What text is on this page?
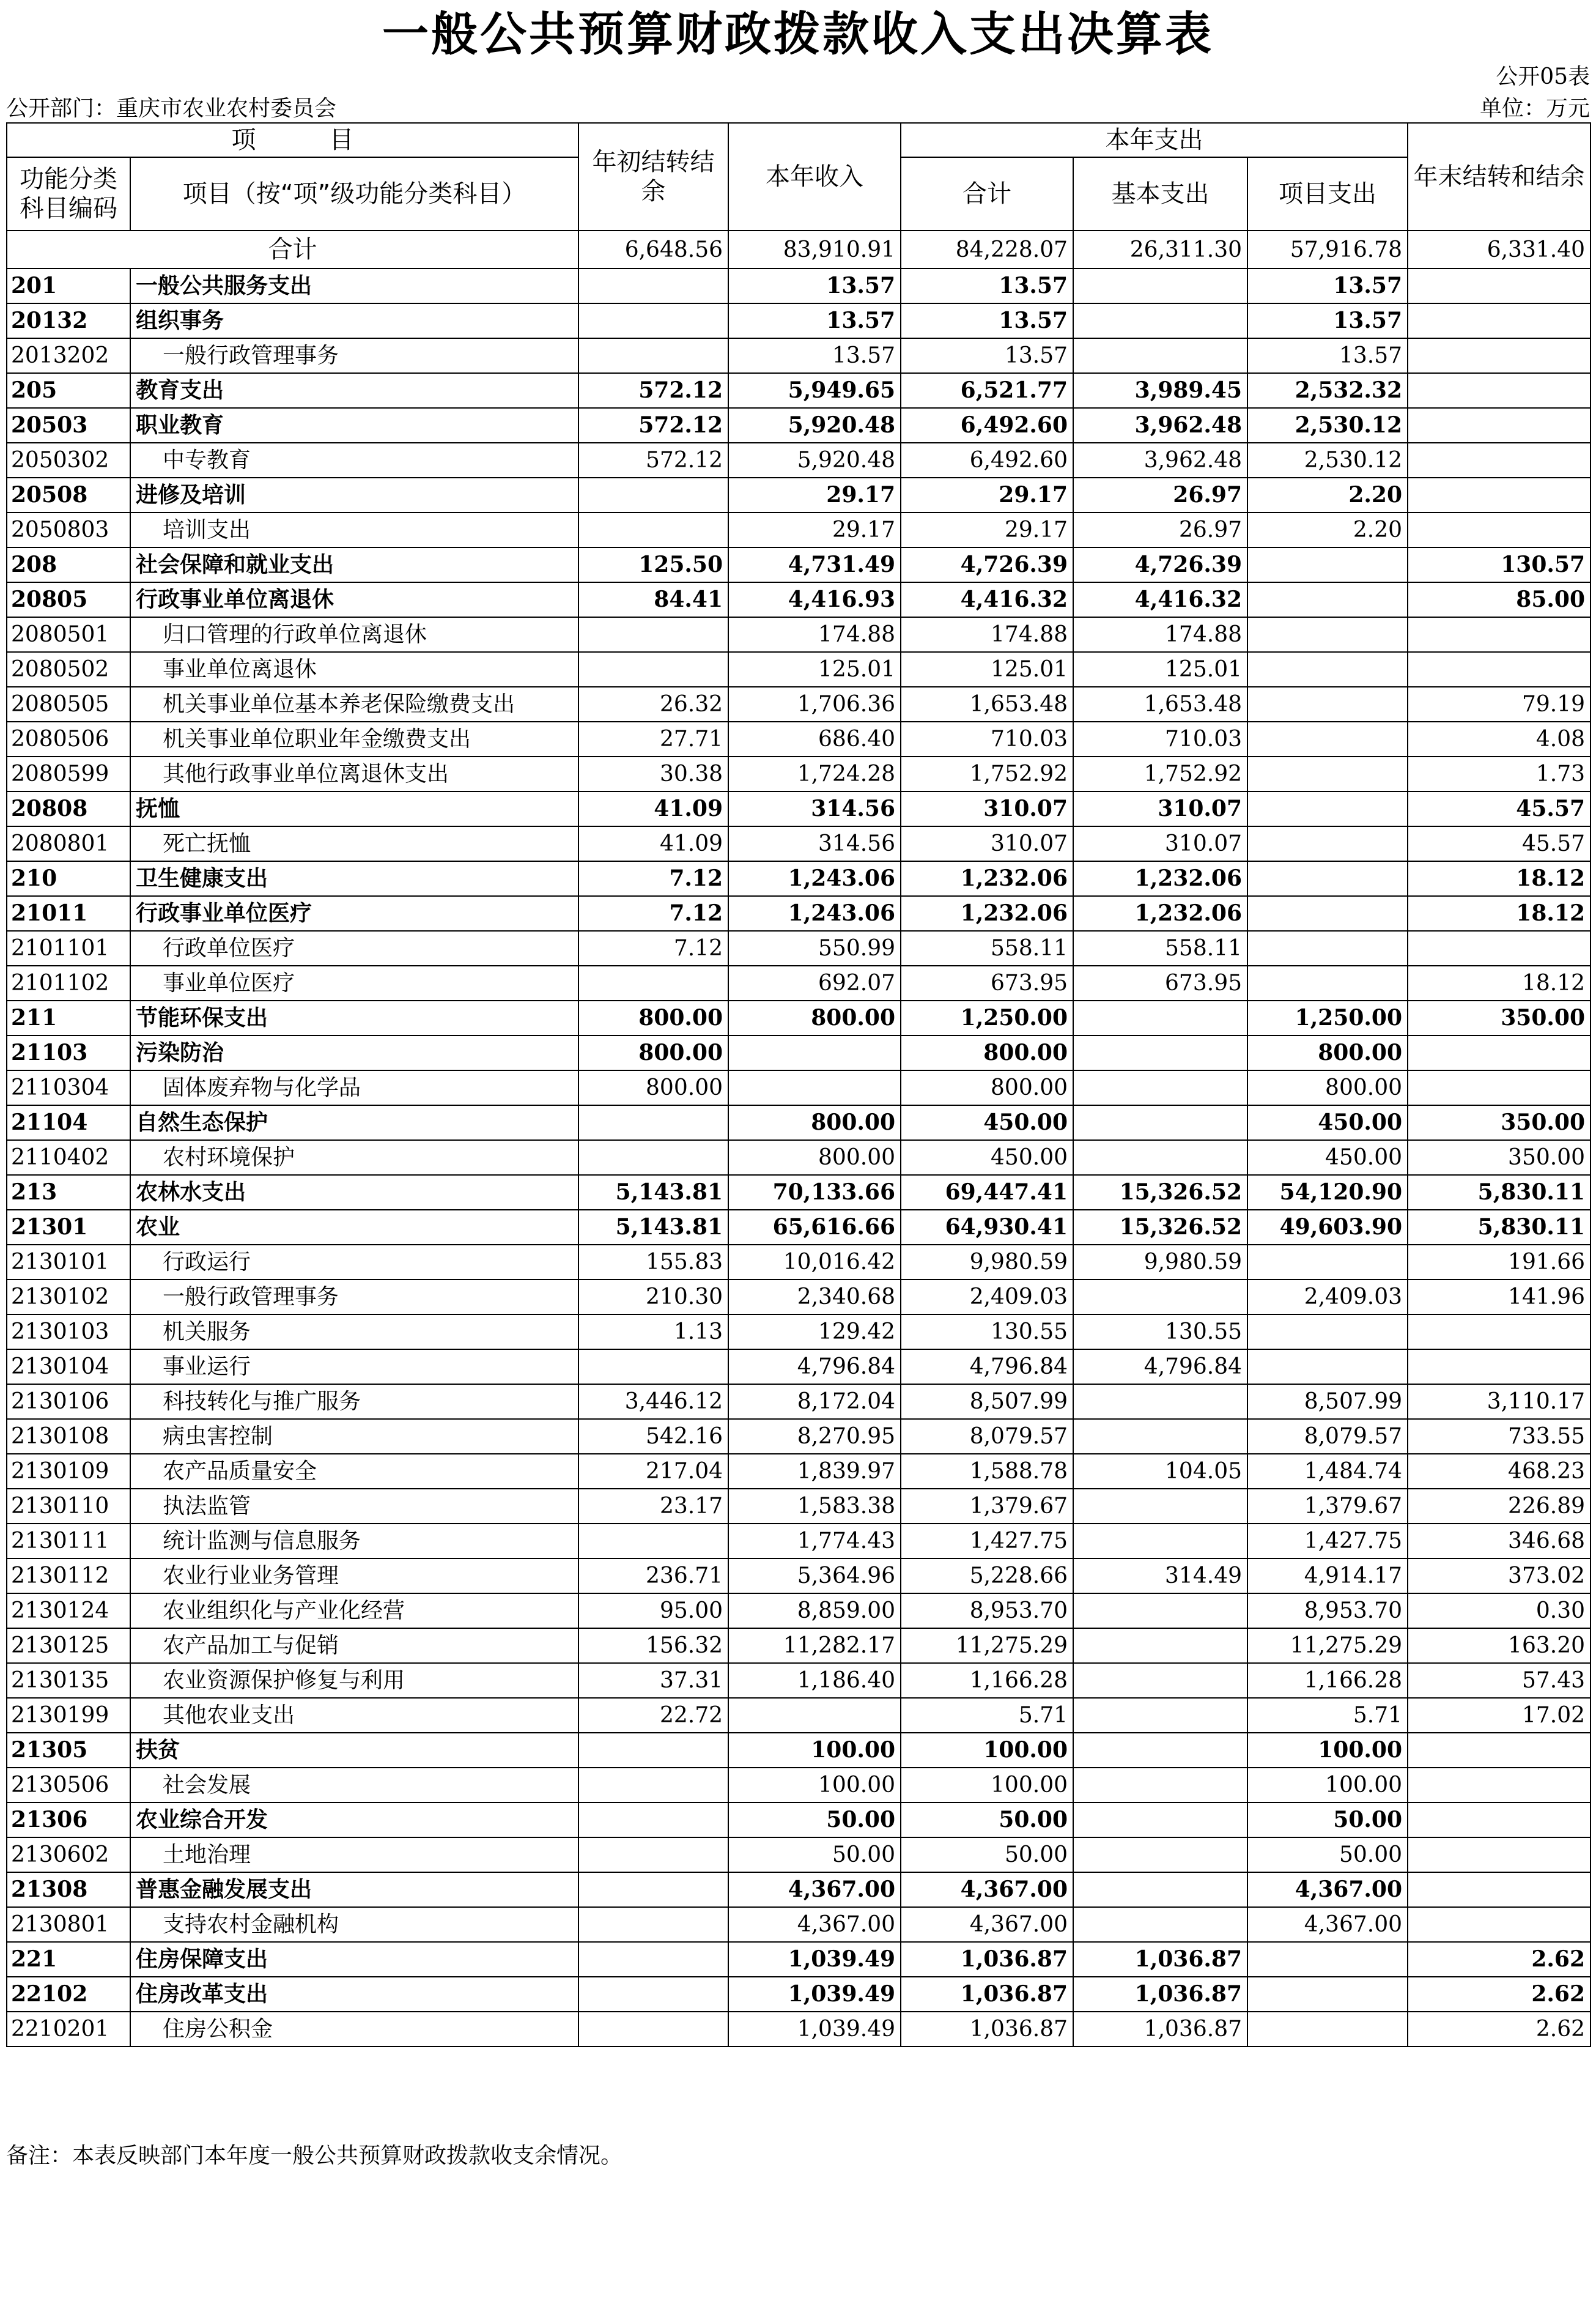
一般公共预算财政拨款收入支出决算表
公开05表
公开部门：重庆市农业农村委员会	单位：万元
项　　　目		年初结转结余	本年收入	本年支出			年末结转和结余
功能分类科目编码	项目（按“项”级功能分类科目）			合计	基本支出	项目支出	
合计		6,648.56	83,910.91	84,228.07	26,311.30	57,916.78	6,331.40
201	一般公共服务支出		13.57	13.57		13.57	
20132	组织事务		13.57	13.57		13.57	
2013202	一般行政管理事务		13.57	13.57		13.57	
205	教育支出	572.12	5,949.65	6,521.77	3,989.45	2,532.32	
20503	职业教育	572.12	5,920.48	6,492.60	3,962.48	2,530.12	
2050302	中专教育	572.12	5,920.48	6,492.60	3,962.48	2,530.12	
20508	进修及培训		29.17	29.17	26.97	2.20	
2050803	培训支出		29.17	29.17	26.97	2.20	
208	社会保障和就业支出	125.50	4,731.49	4,726.39	4,726.39		130.57
20805	行政事业单位离退休	84.41	4,416.93	4,416.32	4,416.32		85.00
2080501	归口管理的行政单位离退休		174.88	174.88	174.88		
2080502	事业单位离退休		125.01	125.01	125.01		
2080505	机关事业单位基本养老保险缴费支出	26.32	1,706.36	1,653.48	1,653.48		79.19
2080506	机关事业单位职业年金缴费支出	27.71	686.40	710.03	710.03		4.08
2080599	其他行政事业单位离退休支出	30.38	1,724.28	1,752.92	1,752.92		1.73
20808	抚恤	41.09	314.56	310.07	310.07		45.57
2080801	死亡抚恤	41.09	314.56	310.07	310.07		45.57
210	卫生健康支出	7.12	1,243.06	1,232.06	1,232.06		18.12
21011	行政事业单位医疗	7.12	1,243.06	1,232.06	1,232.06		18.12
2101101	行政单位医疗	7.12	550.99	558.11	558.11		
2101102	事业单位医疗		692.07	673.95	673.95		18.12
211	节能环保支出	800.00	800.00	1,250.00		1,250.00	350.00
21103	污染防治	800.00		800.00		800.00	
2110304	固体废弃物与化学品	800.00		800.00		800.00	
21104	自然生态保护		800.00	450.00		450.00	350.00
2110402	农村环境保护		800.00	450.00		450.00	350.00
213	农林水支出	5,143.81	70,133.66	69,447.41	15,326.52	54,120.90	5,830.11
21301	农业	5,143.81	65,616.66	64,930.41	15,326.52	49,603.90	5,830.11
2130101	行政运行	155.83	10,016.42	9,980.59	9,980.59		191.66
2130102	一般行政管理事务	210.30	2,340.68	2,409.03		2,409.03	141.96
2130103	机关服务	1.13	129.42	130.55	130.55		
2130104	事业运行		4,796.84	4,796.84	4,796.84		
2130106	科技转化与推广服务	3,446.12	8,172.04	8,507.99		8,507.99	3,110.17
2130108	病虫害控制	542.16	8,270.95	8,079.57		8,079.57	733.55
2130109	农产品质量安全	217.04	1,839.97	1,588.78	104.05	1,484.74	468.23
2130110	执法监管	23.17	1,583.38	1,379.67		1,379.67	226.89
2130111	统计监测与信息服务		1,774.43	1,427.75		1,427.75	346.68
2130112	农业行业业务管理	236.71	5,364.96	5,228.66	314.49	4,914.17	373.02
2130124	农业组织化与产业化经营	95.00	8,859.00	8,953.70		8,953.70	0.30
2130125	农产品加工与促销	156.32	11,282.17	11,275.29		11,275.29	163.20
2130135	农业资源保护修复与利用	37.31	1,186.40	1,166.28		1,166.28	57.43
2130199	其他农业支出	22.72		5.71		5.71	17.02
21305	扶贫		100.00	100.00		100.00	
2130506	社会发展		100.00	100.00		100.00	
21306	农业综合开发		50.00	50.00		50.00	
2130602	土地治理		50.00	50.00		50.00	
21308	普惠金融发展支出		4,367.00	4,367.00		4,367.00	
2130801	支持农村金融机构		4,367.00	4,367.00		4,367.00	
221	住房保障支出		1,039.49	1,036.87	1,036.87		2.62
22102	住房改革支出		1,039.49	1,036.87	1,036.87		2.62
2210201	住房公积金		1,039.49	1,036.87	1,036.87		2.62
备注：本表反映部门本年度一般公共预算财政拨款收支余情况。
